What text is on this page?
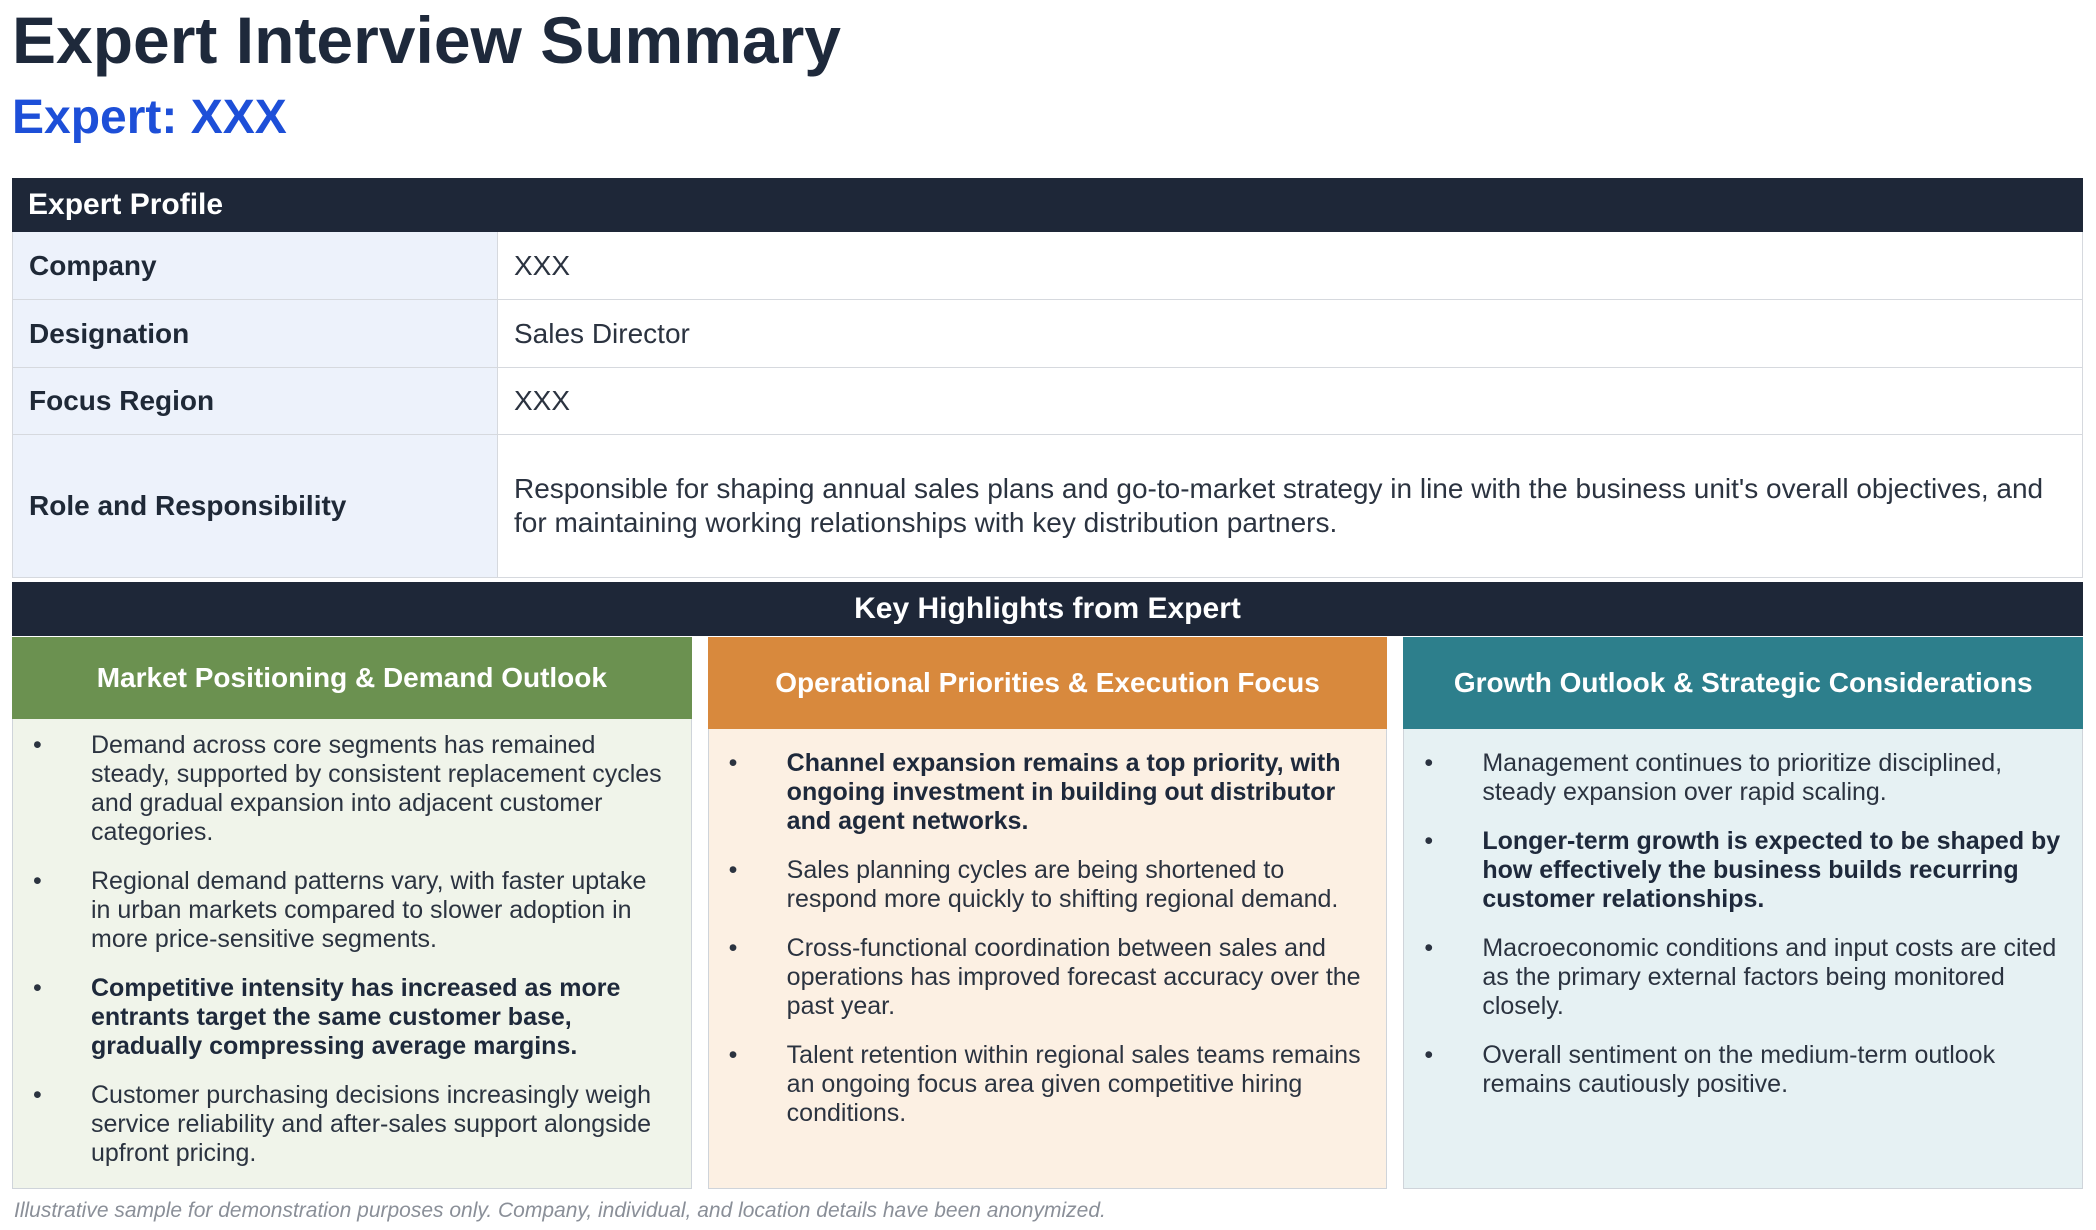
Expert Interview Summary
Expert: XXX
Expert Profile
Company	XXX
Designation	Sales Director
Focus Region	XXX
Role and Responsibility
Responsible for shaping annual sales plans and go-to-market strategy in line with the business unit's overall objectives, and for maintaining working relationships with key distribution partners.
Key Highlights from Expert
Market Positioning & Demand Outlook
•	Demand across core segments has remained steady, supported by consistent replacement cycles and gradual expansion into adjacent customer categories.
•	Regional demand patterns vary, with faster uptake in urban markets compared to slower adoption in more price-sensitive segments.
•	Competitive intensity has increased as more entrants target the same customer base, gradually compressing average margins.
•	Customer purchasing decisions increasingly weigh service reliability and after-sales support alongside upfront pricing.
Operational Priorities & Execution Focus
•	Channel expansion remains a top priority, with ongoing investment in building out distributor and agent networks.
•	Sales planning cycles are being shortened to respond more quickly to shifting regional demand.
•	Cross-functional coordination between sales and operations has improved forecast accuracy over the past year.
•	Talent retention within regional sales teams remains an ongoing focus area given competitive hiring conditions.
Growth Outlook & Strategic Considerations
•	Management continues to prioritize disciplined, steady expansion over rapid scaling.
•	Longer-term growth is expected to be shaped by how effectively the business builds recurring customer relationships.
•	Macroeconomic conditions and input costs are cited as the primary external factors being monitored closely.
•	Overall sentiment on the medium-term outlook remains cautiously positive.
Illustrative sample for demonstration purposes only. Company, individual, and location details have been anonymized.
